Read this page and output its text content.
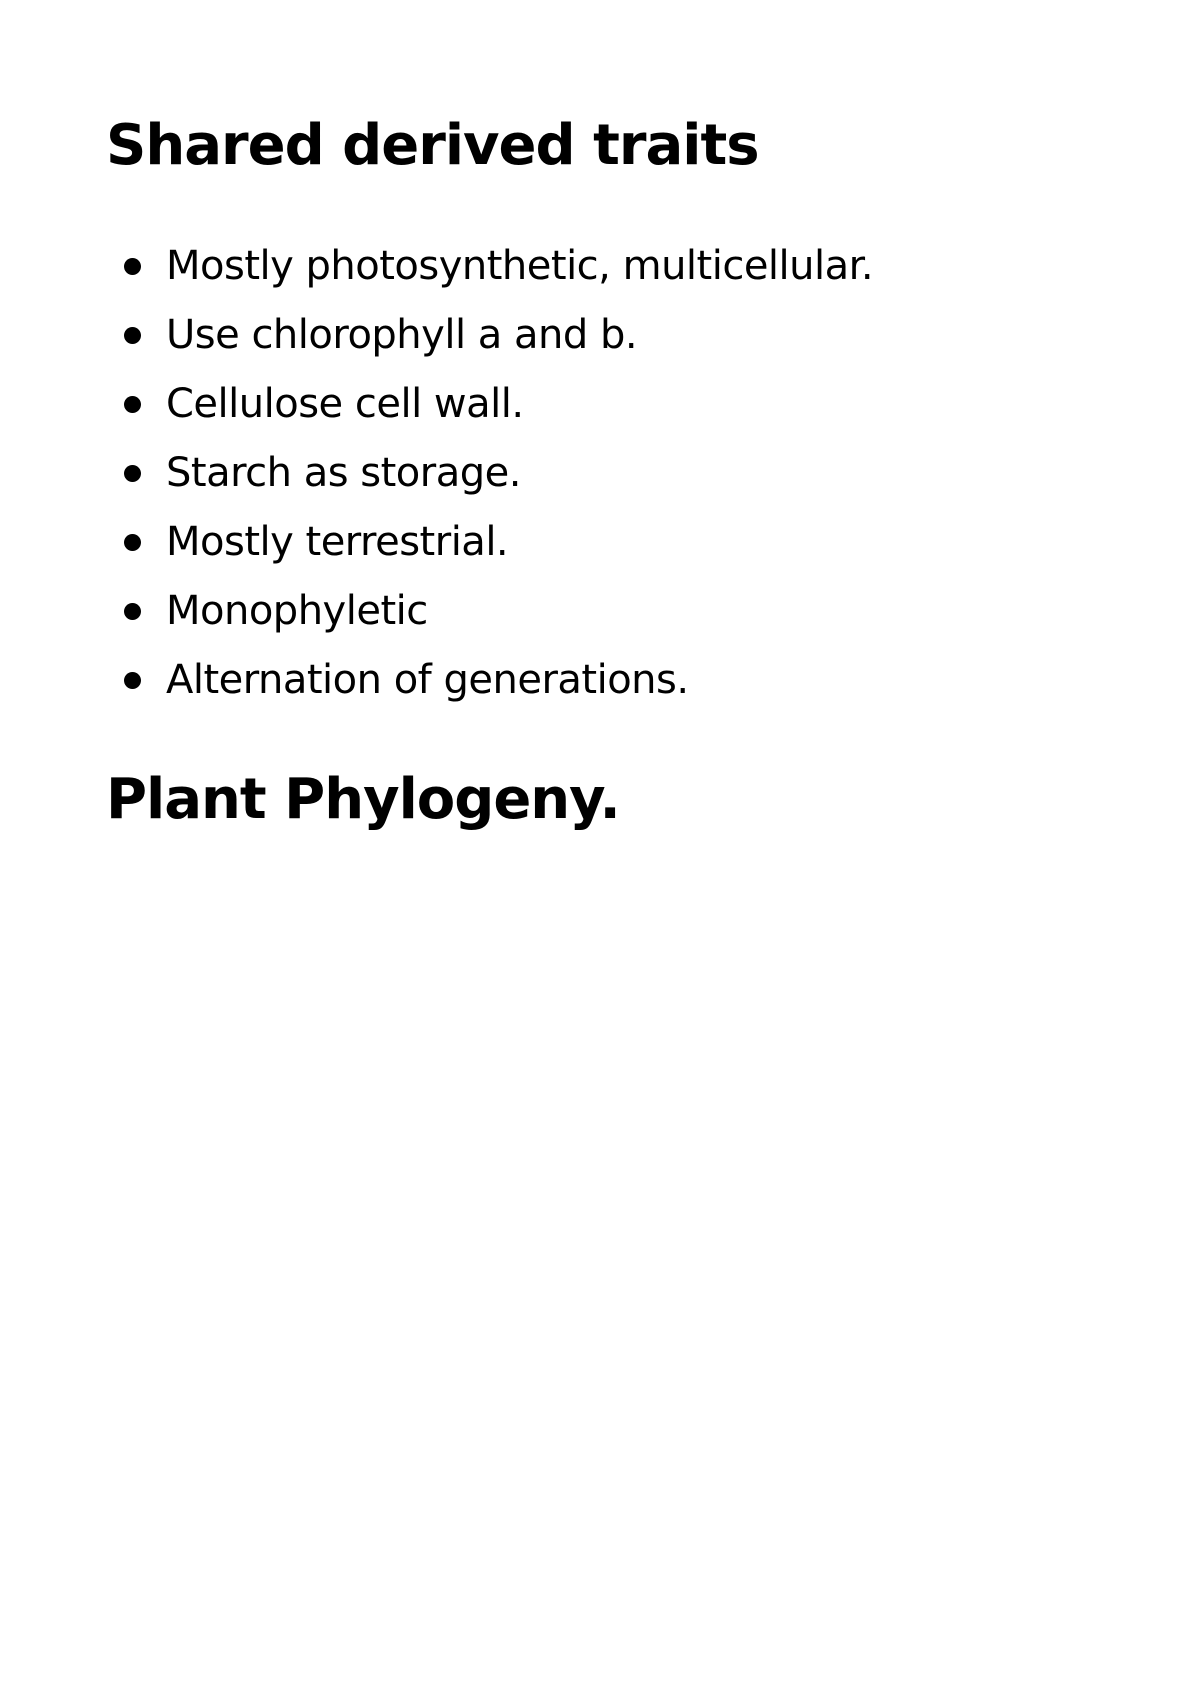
Shared derived traits
Mostly photosynthetic, multicellular.
Use chlorophyll a and b.
Cellulose cell wall.
Starch as storage.
Mostly terrestrial.
Monophyletic
Alternation of generations.
Plant Phylogeny.
